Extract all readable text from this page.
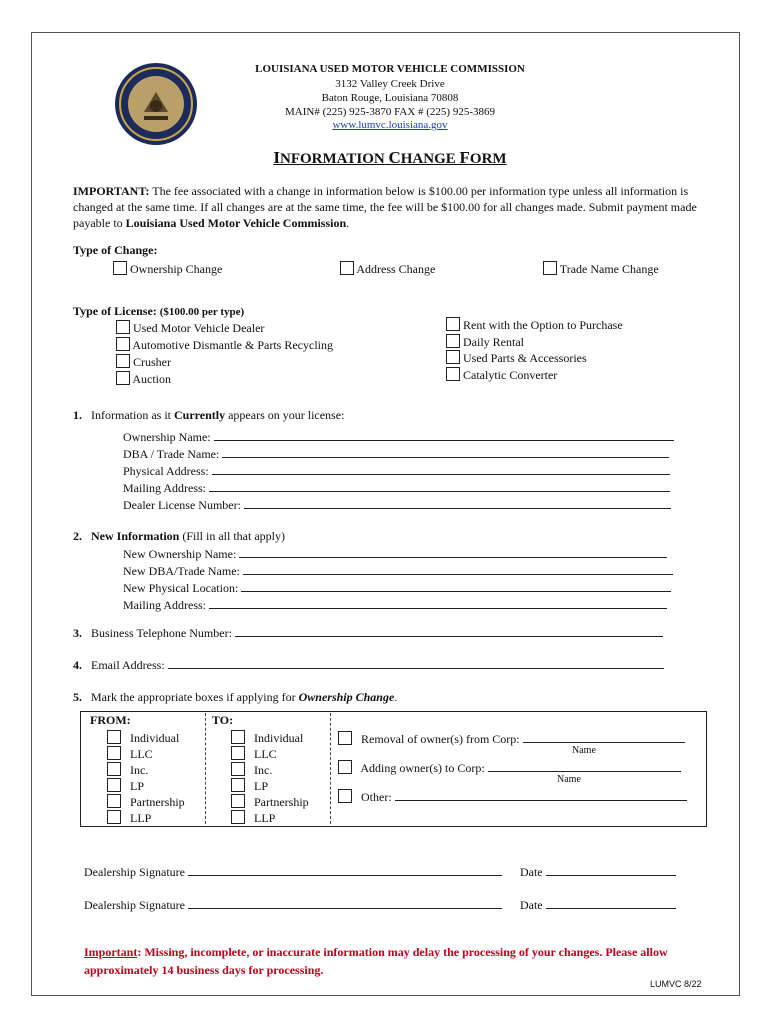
LOUISIANA USED MOTOR VEHICLE COMMISSION
3132 Valley Creek Drive
Baton Rouge, Louisiana 70808
MAIN# (225) 925-3870 FAX # (225) 925-3869
www.lumvc.louisiana.gov
INFORMATION CHANGE FORM
IMPORTANT: The fee associated with a change in information below is $100.00 per information type unless all information is changed at the same time. If all changes are at the same time, the fee will be $100.00 for all changes made. Submit payment made payable to Louisiana Used Motor Vehicle Commission.
Type of Change:
Ownership Change	Address Change	Trade Name Change
Type of License: ($100.00 per type)
Used Motor Vehicle Dealer
Automotive Dismantle & Parts Recycling
Crusher
Auction
Rent with the Option to Purchase
Daily Rental
Used Parts & Accessories
Catalytic Converter
1. Information as it Currently appears on your license:
Ownership Name:
DBA / Trade Name:
Physical Address:
Mailing Address:
Dealer License Number:
2. New Information (Fill in all that apply)
New Ownership Name:
New DBA/Trade Name:
New Physical Location:
Mailing Address:
3. Business Telephone Number:
4. Email Address:
5. Mark the appropriate boxes if applying for Ownership Change.
FROM:	TO:
Individual
LLC
Inc.
LP
Partnership
LLP
Individual
LLC
Inc.
LP
Partnership
LLP
Removal of owner(s) from Corp:
Name
Adding owner(s) to Corp:
Name
Other:
Dealership Signature	Date
Dealership Signature	Date
Important: Missing, incomplete, or inaccurate information may delay the processing of your changes. Please allow approximately 14 business days for processing.
LUMVC 8/22
